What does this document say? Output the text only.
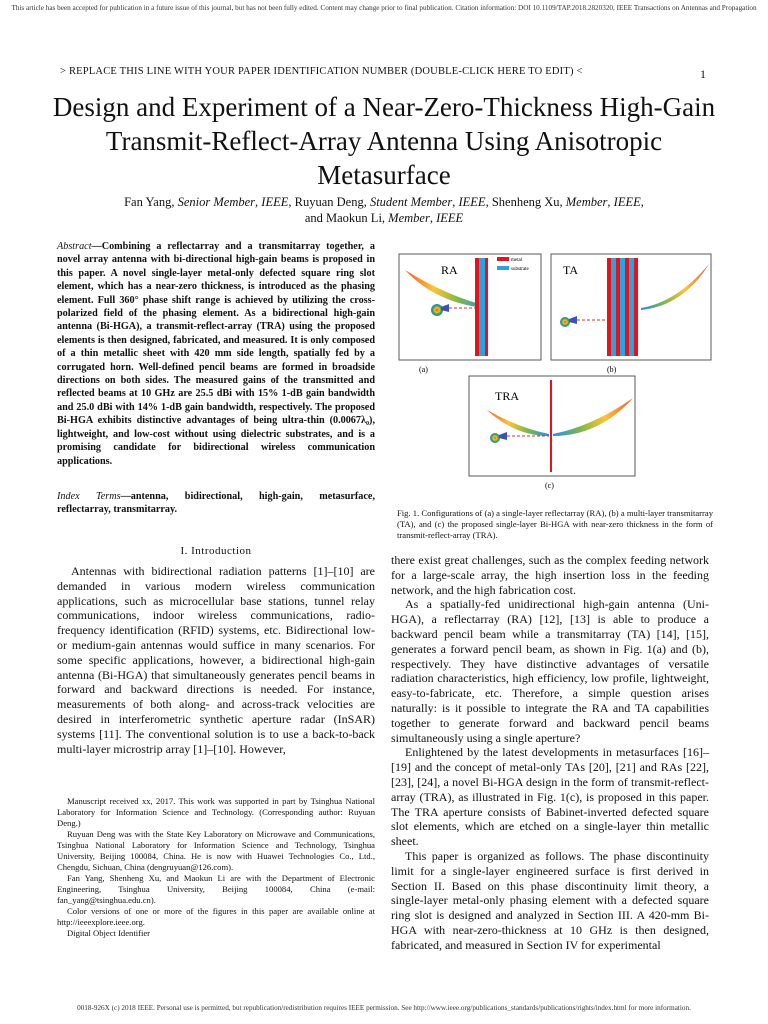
This article has been accepted for publication in a future issue of this journal, but has not been fully edited. Content may change prior to final publication. Citation information: DOI 10.1109/TAP.2018.2820320, IEEE Transactions on Antennas and Propagation
> REPLACE THIS LINE WITH YOUR PAPER IDENTIFICATION NUMBER (DOUBLE-CLICK HERE TO EDIT) <	1
Design and Experiment of a Near-Zero-Thickness High-Gain Transmit-Reflect-Array Antenna Using Anisotropic Metasurface
Fan Yang, Senior Member, IEEE, Ruyuan Deng, Student Member, IEEE, Shenheng Xu, Member, IEEE,
and Maokun Li, Member, IEEE
Abstract—Combining a reflectarray and a transmitarray together, a novel array antenna with bi-directional high-gain beams is proposed in this paper. A novel single-layer metal-only defected square ring slot element, which has a near-zero thickness, is introduced as the phasing element. Full 360° phase shift range is achieved by utilizing the cross-polarized field of the phasing element. As a bidirectional high-gain antenna (Bi-HGA), a transmit-reflect-array (TRA) using the proposed elements is then designed, fabricated, and measured. It is only composed of a thin metallic sheet with 420 mm side length, spatially fed by a corrugated horn. Well-defined pencil beams are formed in broadside directions on both sides. The measured gains of the transmitted and reflected beams at 10 GHz are 25.5 dBi with 15% 1-dB gain bandwidth and 25.0 dBi with 14% 1-dB gain bandwidth, respectively. The proposed Bi-HGA exhibits distinctive advantages of being ultra-thin (0.0067λ₀), lightweight, and low-cost without using dielectric substrates, and is a promising candidate for bidirectional wireless communication applications.
Index Terms—antenna, bidirectional, high-gain, metasurface, reflectarray, transmitarray.
I. Introduction

Antennas with bidirectional radiation patterns [1]–[10] are demanded in various modern wireless communication applications, such as microcellular base stations, tunnel relay communications, indoor wireless communications, radio-frequency identification (RFID) systems, etc. Bidirectional low- or medium-gain antennas would suffice in many scenarios. For some specific applications, however, a bidirectional high-gain antenna (Bi-HGA) that simultaneously generates pencil beams in forward and backward directions is needed. For instance, measurements of both along- and across-track velocities are desired in interferometric synthetic aperture radar (InSAR) systems [11]. The conventional solution is to use a back-to-back multi-layer microstrip array [1]–[10]. However,

Manuscript received xx, 2017. This work was supported in part by Tsinghua National Laboratory for Information Science and Technology. (Corresponding author: Ruyuan Deng.)

Ruyuan Deng was with the State Key Laboratory on Microwave and Communications, Tsinghua National Laboratory for Information Science and Technology, Tsinghua University, Beijing 100084, China. He is now with Huawei Technologies Co., Ltd., Chengdu, Sichuan, China (dengruyuan@126.com).

Fan Yang, Shenheng Xu, and Maokun Li are with the Department of Electronic Engineering, Tsinghua University, Beijing 100084, China (e-mail: fan_yang@tsinghua.edu.cn).

Color versions of one or more of the figures in this paper are available online at http://ieeexplore.ieee.org.

Digital Object Identifier

there exist great challenges, such as the complex feeding network for a large-scale array, the high insertion loss in the feeding network, and the high fabrication cost.

As a spatially-fed unidirectional high-gain antenna (Uni-HGA), a reflectarray (RA) [12], [13] is able to produce a backward pencil beam while a transmitarray (TA) [14], [15], generates a forward pencil beam, as shown in Fig. 1(a) and (b), respectively. They have distinctive advantages of versatile radiation characteristics, high efficiency, low profile, lightweight, easy-to-fabricate, etc. Therefore, a simple question arises naturally: is it possible to integrate the RA and TA capabilities together to generate forward and backward pencil beams simultaneously using a single aperture?

Enlightened by the latest developments in metasurfaces [16]–[19] and the concept of metal-only TAs [20], [21] and RAs [22], [23], [24], a novel Bi-HGA design in the form of transmit-reflect-array (TRA), as illustrated in Fig. 1(c), is proposed in this paper. The TRA aperture consists of Babinet-inverted defected square slot elements, which are etched on a single-layer thin metallic sheet.

This paper is organized as follows. The phase discontinuity limit for a single-layer engineered surface is first derived in Section II. Based on this phase discontinuity limit theory, a single-layer metal-only phasing element with a defected square ring slot is designed and analyzed in Section III. A 420-mm Bi-HGA with near-zero-thickness at 10 GHz is then designed, fabricated, and measured in Section IV for experimental

RA
metal
substrate
(a)
TA
(b)
TRA
(c)
Fig. 1. Configurations of (a) a single-layer reflectarray (RA), (b) a multi-layer transmitarray (TA), and (c) the proposed single-layer Bi-HGA with near-zero thickness in the form of transmit-reflect-array (TRA).
0018-926X (c) 2018 IEEE. Personal use is permitted, but republication/redistribution requires IEEE permission. See http://www.ieee.org/publications_standards/publications/rights/index.html for more information.
